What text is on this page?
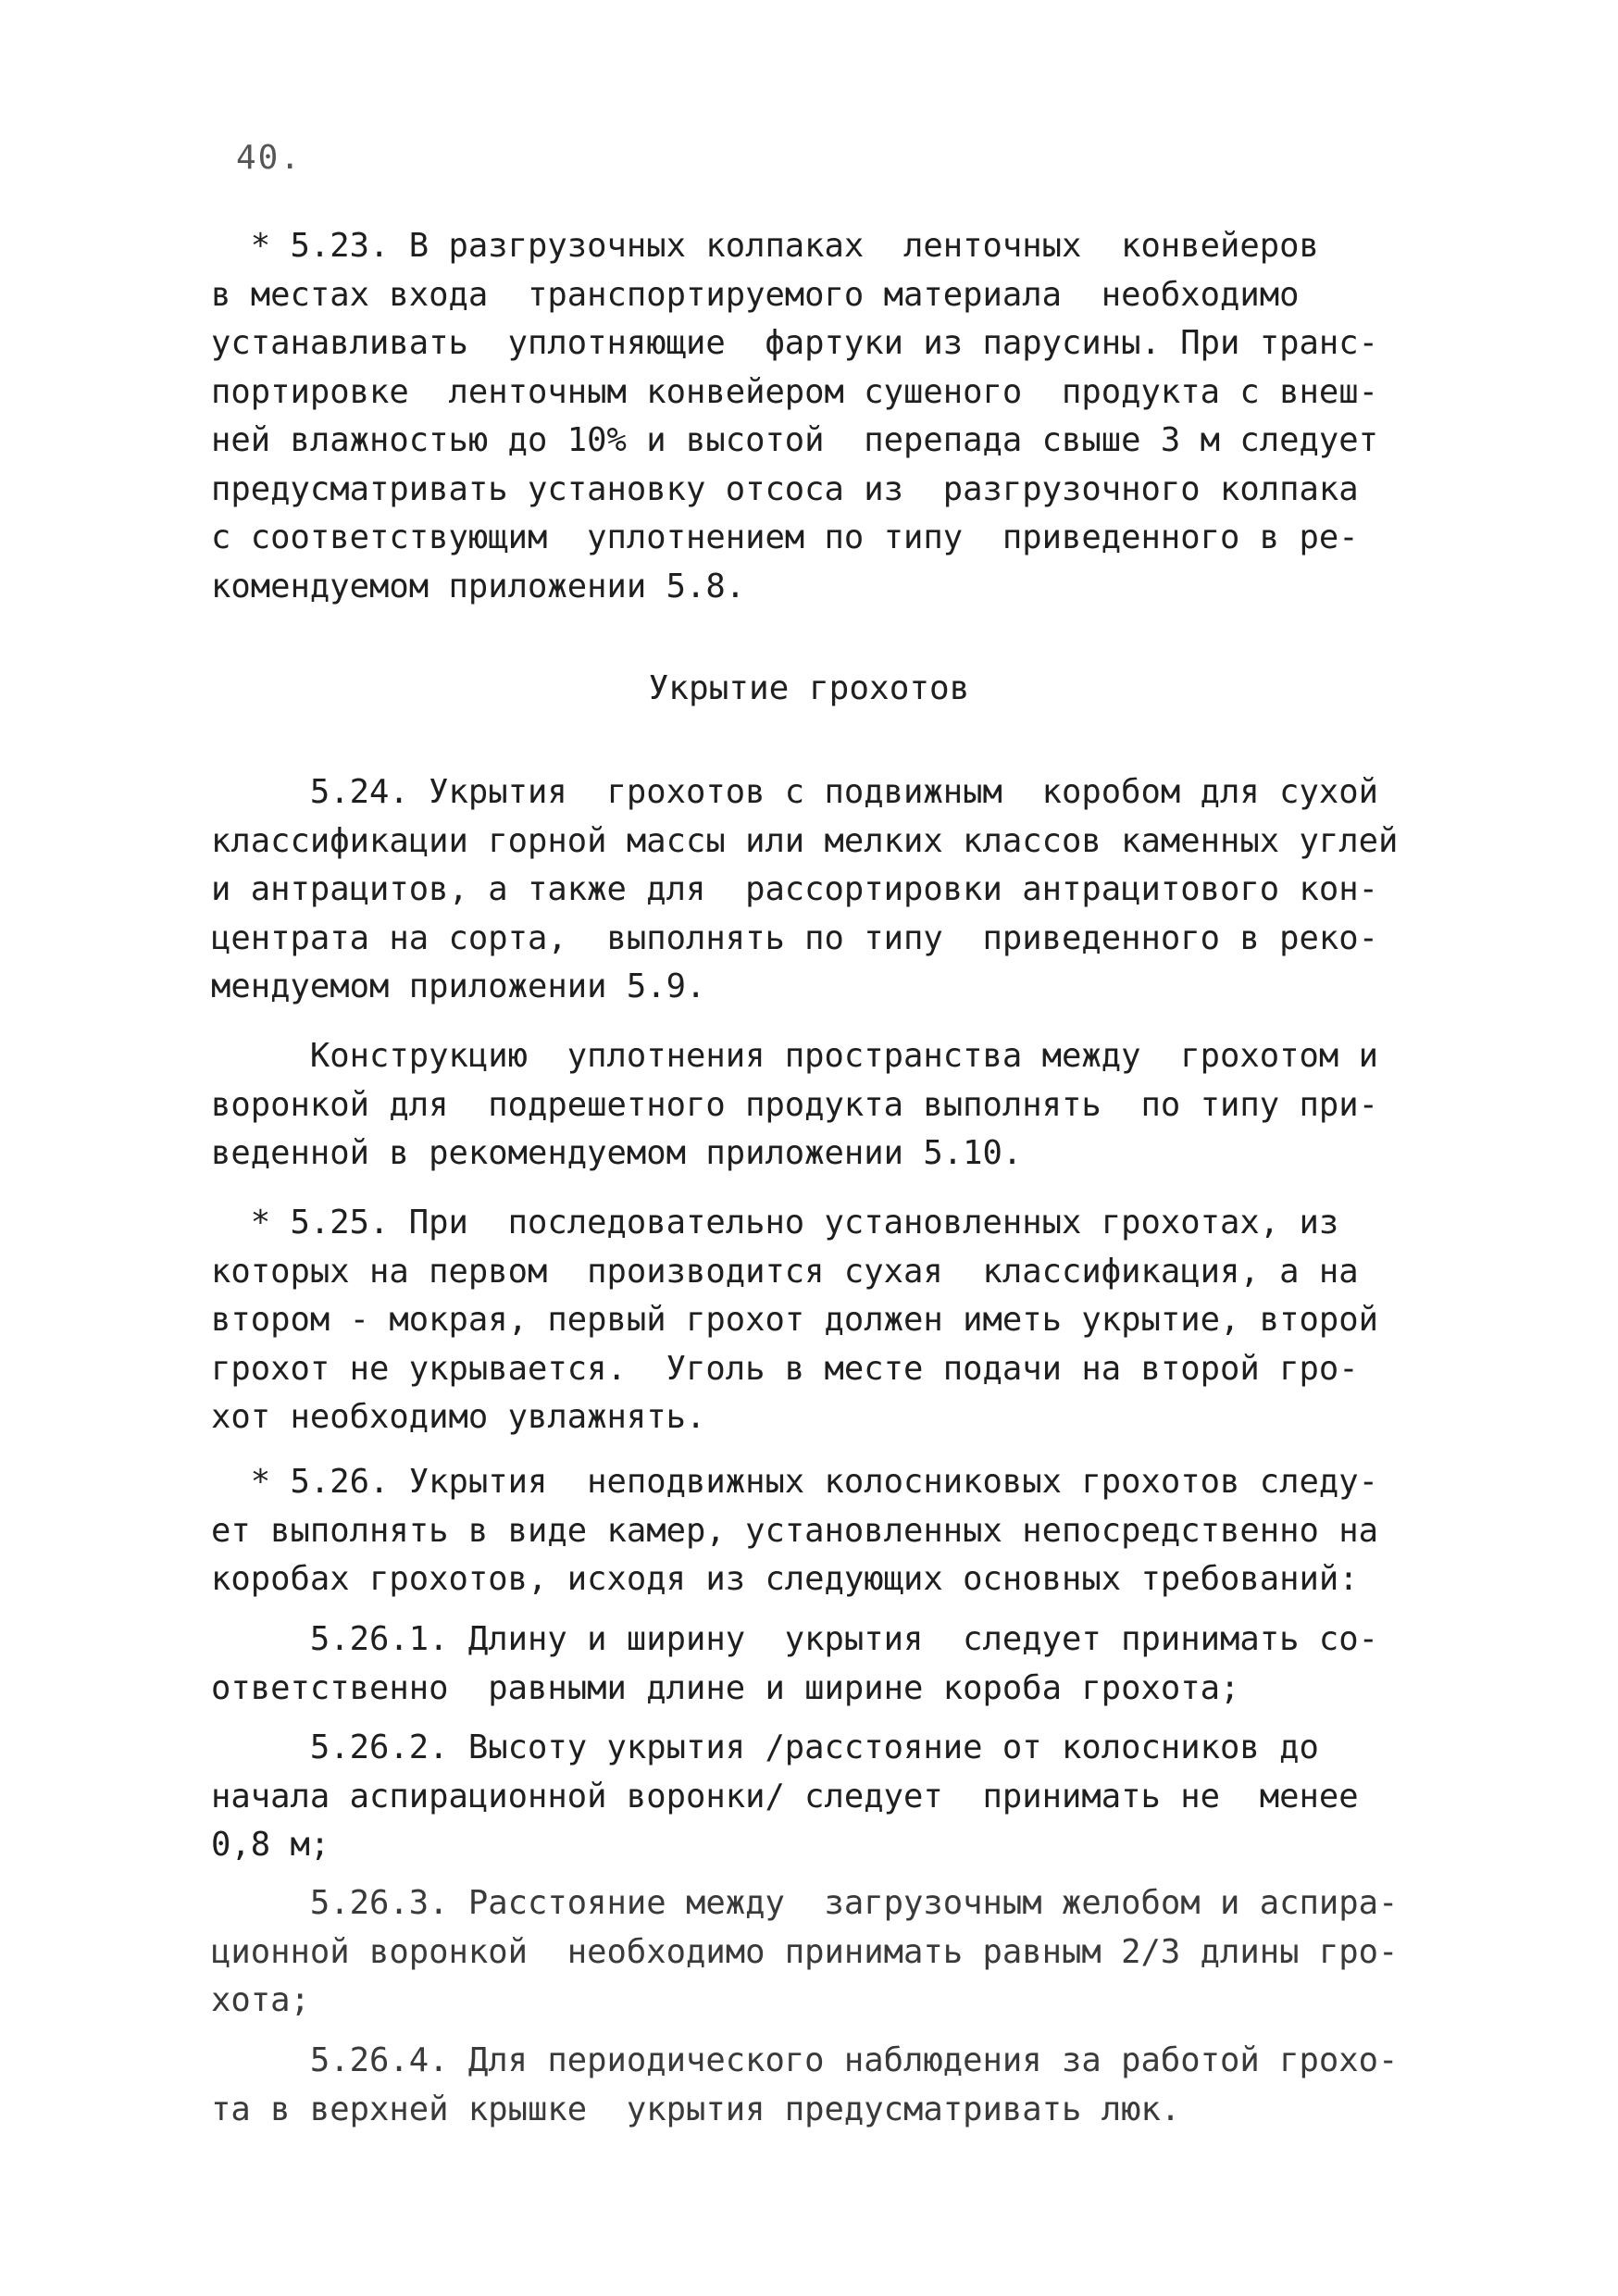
40.
* 5.23. В разгрузочных колпаках  ленточных  конвейеров
в местах входа  транспортируемого материала  необходимо
устанавливать  уплотняющие  фартуки из парусины. При транс-
портировке  ленточным конвейером сушеного  продукта с внеш-
ней влажностью до 10% и высотой  перепада свыше 3 м следует
предусматривать установку отсоса из  разгрузочного колпака
с соответствующим  уплотнением по типу  приведенного в ре-
комендуемом приложении 5.8.
Укрытие грохотов
5.24. Укрытия  грохотов с подвижным  коробом для сухой
классификации горной массы или мелких классов каменных углей
и антрацитов, а также для  рассортировки антрацитового кон-
центрата на сорта,  выполнять по типу  приведенного в реко-
мендуемом приложении 5.9.
Конструкцию  уплотнения пространства между  грохотом и
воронкой для  подрешетного продукта выполнять  по типу при-
веденной в рекомендуемом приложении 5.10.
* 5.25. При  последовательно установленных грохотах, из
которых на первом  производится сухая  классификация, а на
втором - мокрая, первый грохот должен иметь укрытие, второй
грохот не укрывается.  Уголь в месте подачи на второй гро-
хот необходимо увлажнять.
* 5.26. Укрытия  неподвижных колосниковых грохотов следу-
ет выполнять в виде камер, установленных непосредственно на
коробах грохотов, исходя из следующих основных требований:
5.26.1. Длину и ширину  укрытия  следует принимать со-
ответственно  равными длине и ширине короба грохота;
5.26.2. Высоту укрытия /расстояние от колосников до
начала аспирационной воронки/ следует  принимать не  менее
0,8 м;
5.26.3. Расстояние между  загрузочным желобом и аспира-
ционной воронкой  необходимо принимать равным 2/3 длины гро-
хота;
5.26.4. Для периодического наблюдения за работой грохо-
та в верхней крышке  укрытия предусматривать люк.
